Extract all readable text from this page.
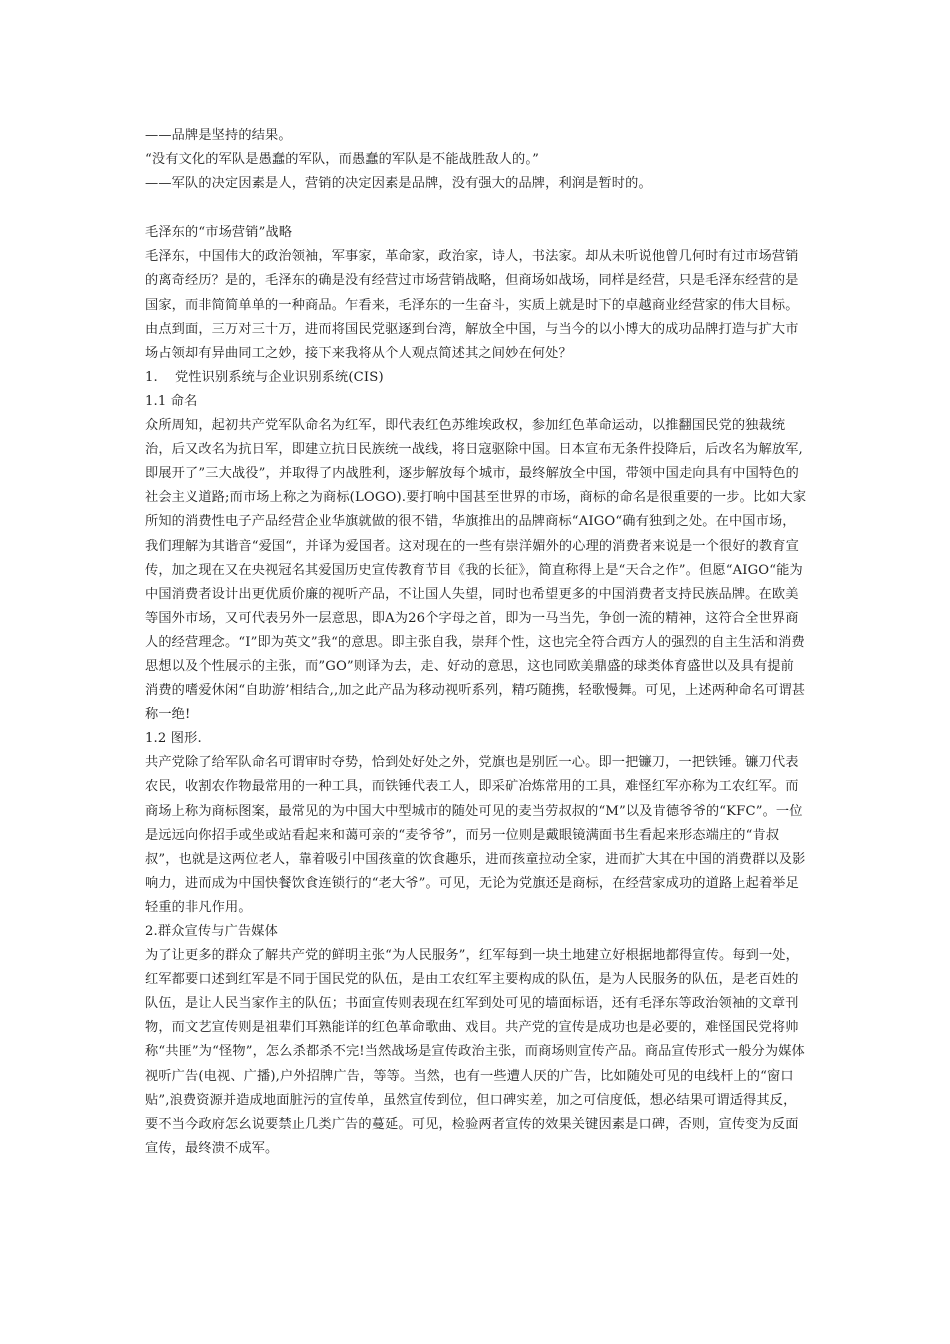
——品牌是坚持的结果。

“没有文化的军队是愚蠢的军队，而愚蠢的军队是不能战胜敌人的。”

——军队的决定因素是人，营销的决定因素是品牌，没有强大的品牌，利润是暂时的。

毛泽东的“市场营销”战略

毛泽东，中国伟大的政治领袖，军事家，革命家，政治家，诗人，书法家。却从未听说他曾几何时有过市场营销的离奇经历？是的，毛泽东的确是没有经营过市场营销战略，但商场如战场，同样是经营，只是毛泽东经营的是国家，而非简简单单的一种商品。乍看来，毛泽东的一生奋斗，实质上就是时下的卓越商业经营家的伟大目标。由点到面，三万对三十万，进而将国民党驱逐到台湾，解放全中国，与当今的以小博大的成功品牌打造与扩大市场占领却有异曲同工之妙，接下来我将从个人观点简述其之间妙在何处？

1. 党性识别系统与企业识别系统(CIS)

1.1 命名

众所周知，起初共产党军队命名为红军，即代表红色苏维埃政权，参加红色革命运动，以推翻国民党的独裁统治，后又改名为抗日军，即建立抗日民族统一战线，将日寇驱除中国。日本宣布无条件投降后，后改名为解放军,即展开了”三大战役”，并取得了内战胜利，逐步解放每个城市，最终解放全中国，带领中国走向具有中国特色的社会主义道路;而市场上称之为商标(LOGO).要打响中国甚至世界的市场，商标的命名是很重要的一步。比如大家所知的消费性电子产品经营企业华旗就做的很不错，华旗推出的品牌商标“AIGO“确有独到之处。在中国市场，我们理解为其谐音“爱国“，并译为爱国者。这对现在的一些有崇洋媚外的心理的消费者来说是一个很好的教育宣传，加之现在又在央视冠名其爱国历史宣传教育节目《我的长征》，简直称得上是“天合之作”。但愿“AIGO“能为中国消费者设计出更优质价廉的视听产品，不让国人失望，同时也希望更多的中国消费者支持民族品牌。在欧美等国外市场，又可代表另外一层意思，即A为26个字母之首，即为一马当先，争创一流的精神，这符合全世界商人的经营理念。“I”即为英文”我“的意思。即主张自我，崇拜个性，这也完全符合西方人的强烈的自主生活和消费思想以及个性展示的主张，而”GO”则译为去，走、好动的意思，这也同欧美鼎盛的球类体育盛世以及具有提前消费的嗜爱休闲“自助游’相结合,,加之此产品为移动视听系列，精巧随携，轻歌慢舞。可见，上述两种命名可谓甚称一绝!

1.2 图形.

共产党除了给军队命名可谓审时夺势，恰到处好处之外，党旗也是别匠一心。即一把镰刀，一把铁锤。镰刀代表农民，收割农作物最常用的一种工具，而铁锤代表工人，即采矿冶炼常用的工具，难怪红军亦称为工农红军。而商场上称为商标图案，最常见的为中国大中型城市的随处可见的麦当劳叔叔的“M”以及肯德爷爷的“KFC”。一位是远远向你招手或坐或站看起来和蔼可亲的“麦爷爷”，而另一位则是戴眼镜满面书生看起来形态端庄的“肯叔叔”，也就是这两位老人，靠着吸引中国孩童的饮食趣乐，进而孩童拉动全家，进而扩大其在中国的消费群以及影响力，进而成为中国快餐饮食连锁行的“老大爷”。可见，无论为党旗还是商标，在经营家成功的道路上起着举足轻重的非凡作用。

2.群众宣传与广告媒体

为了让更多的群众了解共产党的鲜明主张“为人民服务”，红军每到一块土地建立好根据地都得宣传。每到一处，红军都要口述到红军是不同于国民党的队伍，是由工农红军主要构成的队伍，是为人民服务的队伍，是老百姓的队伍，是让人民当家作主的队伍；书面宣传则表现在红军到处可见的墙面标语，还有毛泽东等政治领袖的文章刊物，而文艺宣传则是祖辈们耳熟能详的红色革命歌曲、戏目。共产党的宣传是成功也是必要的，难怪国民党将帅称“共匪”为“怪物”，怎么杀都杀不完!当然战场是宣传政治主张，而商场则宣传产品。商品宣传形式一般分为媒体视听广告(电视、广播),户外招牌广告，等等。当然，也有一些遭人厌的广告，比如随处可见的电线杆上的“窗口贴”,浪费资源并造成地面脏污的宣传单，虽然宣传到位，但口碑实差，加之可信度低，想必结果可谓适得其反，要不当今政府怎幺说要禁止几类广告的蔓延。可见，检验两者宣传的效果关键因素是口碑，否则，宣传变为反面宣传，最终溃不成军。
